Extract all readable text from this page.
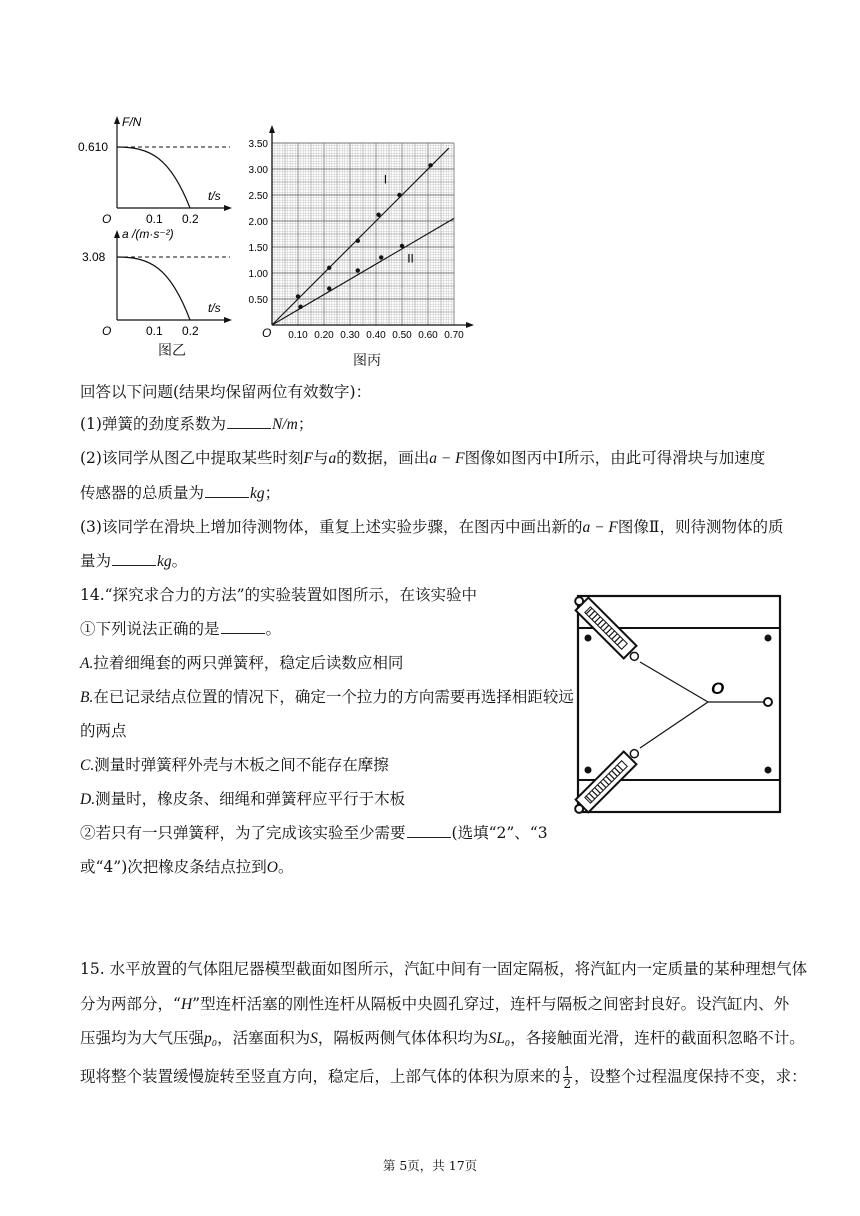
F/N
t/s
0.610
0.1 0.2
O
a /(m·s⁻²)
t/s
3.08
0.1 0.2
O
图乙
0.10 0.20 0.30 0.40 0.50 0.60 0.70
0.50
1.00
1.50
2.00
2.50
3.00
3.50
O
I
II
图丙
回答以下问题(结果均保留两位有效数字)：
(1)弹簧的劲度系数为	N/m；
(2)该同学从图乙中提取某些时刻F与a的数据，画出a − F图像如图丙中Ⅰ所示，由此可得滑块与加速度
传感器的总质量为	kg；
(3)该同学在滑块上增加待测物体，重复上述实验步骤，在图丙中画出新的a − F图像Ⅱ，则待测物体的质
量为	kg。
14.“探究求合力的方法”的实验装置如图所示，在该实验中
①下列说法正确的是	。
A.拉着细绳套的两只弹簧秤，稳定后读数应相同
B.在已记录结点位置的情况下，确定一个拉力的方向需要再选择相距较远
的两点
C.测量时弹簧秤外壳与木板之间不能存在摩擦
D.测量时，橡皮条、细绳和弹簧秤应平行于木板
②若只有一只弹簧秤，为了完成该实验至少需要	(选填“2”、“3
或“4”)次把橡皮条结点拉到O。
O
15. 水平放置的气体阻尼器模型截面如图所示，汽缸中间有一固定隔板，将汽缸内一定质量的某种理想气体
分为两部分，“H”型连杆活塞的刚性连杆从隔板中央圆孔穿过，连杆与隔板之间密封良好。设汽缸内、外
压强均为大气压强p₀，活塞面积为S，隔板两侧气体体积均为SL₀，各接触面光滑，连杆的截面积忽略不计。
现将整个装置缓慢旋转至竖直方向，稳定后，上部气体的体积为原来的 $\frac{1}{2}$ ，设整个过程温度保持不变，求：
第 5页，共 17页
